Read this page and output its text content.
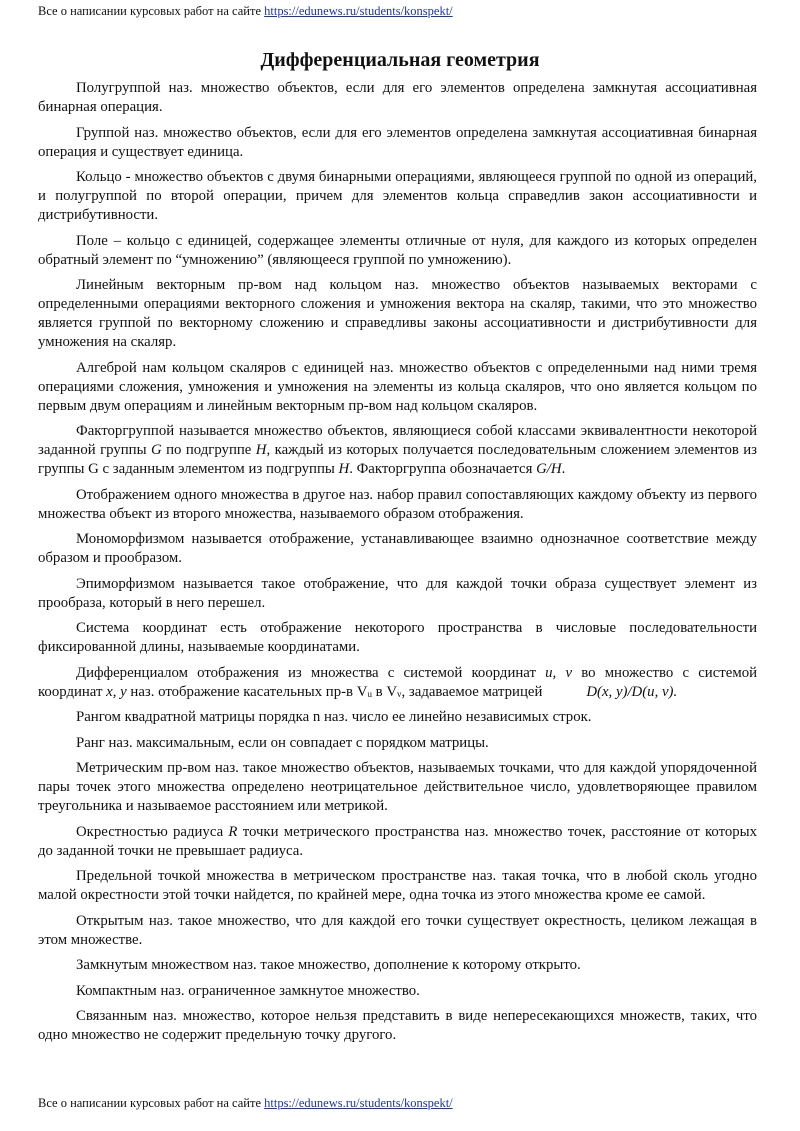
Все о написании курсовых работ на сайте https://edunews.ru/students/konspekt/
Дифференциальная геометрия

Полугруппой наз. множество объектов, если для его элементов определена замкнутая ассоциативная бинарная операция.

Группой наз. множество объектов, если для его элементов определена замкнутая ассоциативная бинарная операция и существует единица.

Кольцо - множество объектов с двумя бинарными операциями, являющееся группой по одной из операций, и полугруппой по второй операции, причем для элементов кольца справедлив закон ассоциативности и дистрибутивности.

Поле – кольцо с единицей, содержащее элементы отличные от нуля, для каждого из которых определен обратный элемент по “умножению” (являющееся группой по умножению).

Линейным векторным пр-вом над кольцом наз. множество объектов называемых векторами с определенными операциями векторного сложения и умножения вектора на скаляр, такими, что это множество является группой по векторному сложению и справедливы законы ассоциативности и дистрибутивности для умножения на скаляр.

Алгеброй нам кольцом скаляров с единицей наз. множество объектов с определенными над ними тремя операциями сложения, умножения и умножения на элементы из кольца скаляров, что оно является кольцом по первым двум операциям и линейным векторным пр-вом над кольцом скаляров.

Факторгруппой называется множество объектов, являющиеся собой классами эквивалентности некоторой заданной группы G по подгруппе H, каждый из которых получается последовательным сложением элементов из группы G с заданным элементом из подгруппы H. Факторгруппа обозначается G/H.

Отображением одного множества в другое наз. набор правил сопоставляющих каждому объекту из первого множества объект из второго множества, называемого образом отображения.

Мономорфизмом называется отображение, устанавливающее взаимно однозначное соответствие между образом и прообразом.

Эпиморфизмом называется такое отображение, что для каждой точки образа существует элемент из прообраза, который в него перешел.

Система координат есть отображение некоторого пространства в числовые последовательности фиксированной длины, называемые координатами.

Дифференциалом отображения из множества с системой координат u, v во множество с системой координат x, y наз. отображение касательных пр-в $V_u$ в $V_v$, задаваемое матрицей	D(x, y)/D(u, v).

Рангом квадратной матрицы порядка n наз. число ее линейно независимых строк.

Ранг наз. максимальным, если он совпадает с порядком матрицы.

Метрическим пр-вом наз. такое множество объектов, называемых точками, что для каждой упорядоченной пары точек этого множества определено неотрицательное действительное число, удовлетворяющее правилом треугольника и называемое расстоянием или метрикой.

Окрестностью радиуса R точки метрического пространства наз. множество точек, расстояние от которых до заданной точки не превышает радиуса.

Предельной точкой множества в метрическом пространстве наз. такая точка, что в любой сколь угодно малой окрестности этой точки найдется, по крайней мере, одна точка из этого множества кроме ее самой.

Открытым наз. такое множество, что для каждой его точки существует окрестность, целиком лежащая в этом множестве.

Замкнутым множеством наз. такое множество, дополнение к которому открыто.

Компактным наз. ограниченное замкнутое множество.

Связанным наз. множество, которое нельзя представить в виде непересекающихся множеств, таких, что одно множество не содержит предельную точку другого.

Все о написании курсовых работ на сайте https://edunews.ru/students/konspekt/
